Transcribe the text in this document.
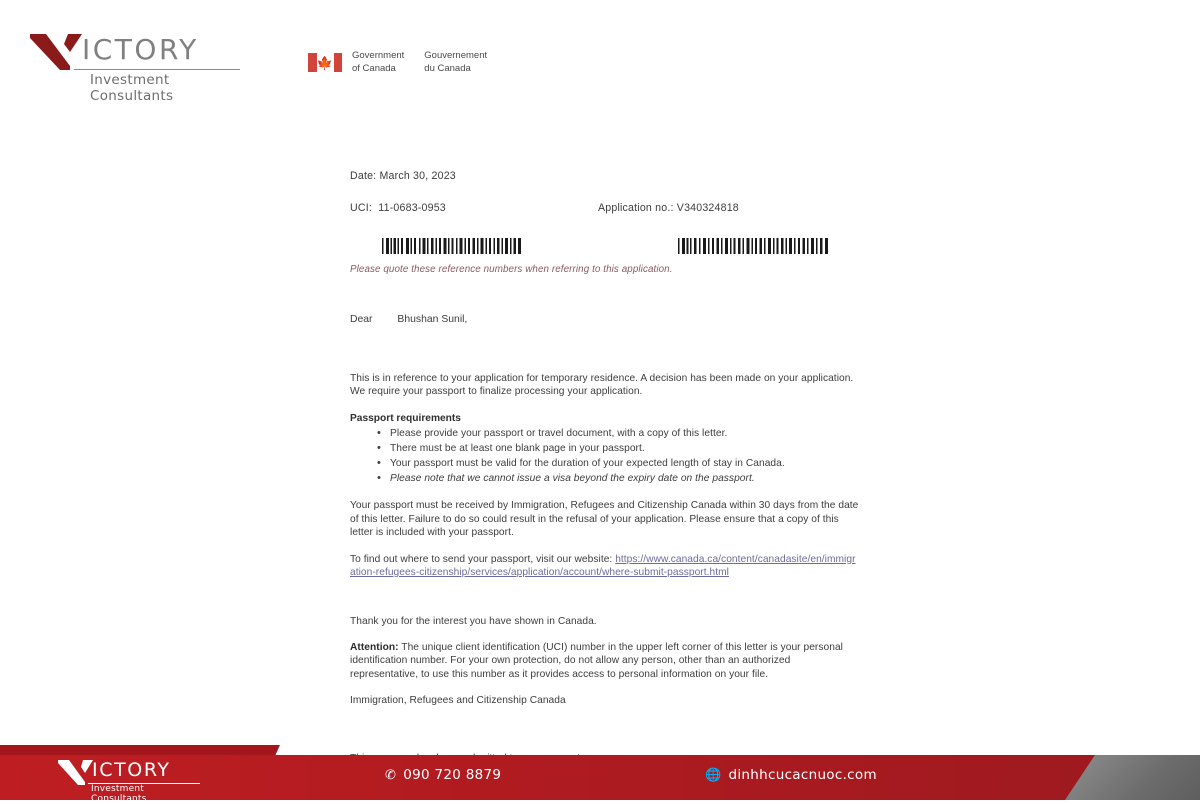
ICTORY
Investment Consultants
🍁 Government
of Canada
Gouvernement
du Canada
Date: March 30, 2023
UCI: 11-0683-0953	Application no.: V340324818
Please quote these reference numbers when referring to this application.
Dear Bhushan Sunil,

This is in reference to your application for temporary residence. A decision has been made on your application. We require your passport to finalize processing your application.

Passport requirements

• Please provide your passport or travel document, with a copy of this letter.
• There must be at least one blank page in your passport.
• Your passport must be valid for the duration of your expected length of stay in Canada.
• Please note that we cannot issue a visa beyond the expiry date on the passport.

Your passport must be received by Immigration, Refugees and Citizenship Canada within 30 days from the date of this letter. Failure to do so could result in the refusal of your application. Please ensure that a copy of this letter is included with your passport.

To find out where to send your passport, visit our website: https://www.canada.ca/content/canadasite/en/immigration-refugees-citizenship/services/application/account/where-submit-passport.html

Thank you for the interest you have shown in Canada.

Attention: The unique client identification (UCI) number in the upper left corner of this letter is your personal identification number. For your own protection, do not allow any person, other than an authorized representative, to use this number as it provides access to personal information on your file.

Immigration, Refugees and Citizenship Canada

ICTORY
Investment Consultants
✆ 090 720 8879	🌐 dinhhcucacnuoc.com
